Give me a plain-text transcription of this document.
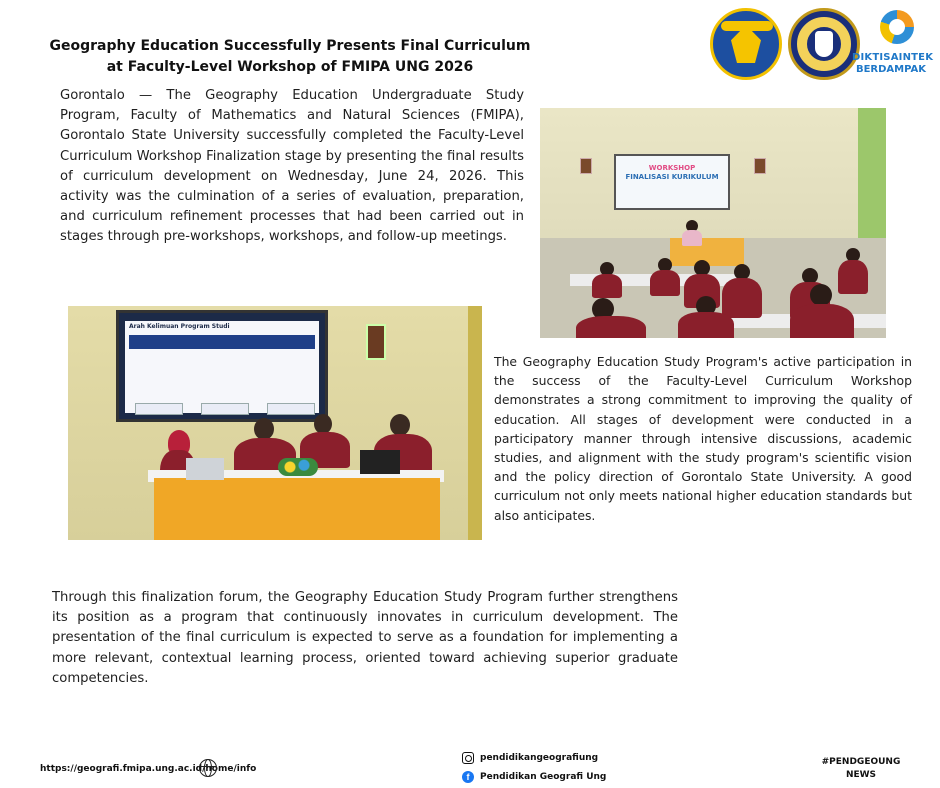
Geography Education Successfully Presents Final Curriculum
at Faculty-Level Workshop of FMIPA UNG 2026
DIKTISAINTEK
BERDAMPAK

Gorontalo — The Geography Education Undergraduate Study Program, Faculty of Mathematics and Natural Sciences (FMIPA), Gorontalo State University successfully completed the Faculty-Level Curriculum Workshop Finalization stage by presenting the final results of curriculum development on Wednesday, June 24, 2026. This activity was the culmination of a series of evaluation, preparation, and curriculum refinement processes that had been carried out in stages through pre-workshops, workshops, and follow-up meetings.

WORKSHOP
FINALISASI KURIKULUM
Arah Kelimuan Program Studi

The Geography Education Study Program's active participation in the success of the Faculty-Level Curriculum Workshop demonstrates a strong commitment to improving the quality of education. All stages of development were conducted in a participatory manner through intensive discussions, academic studies, and alignment with the study program's scientific vision and the policy direction of Gorontalo State University. A good curriculum not only meets national higher education standards but also anticipates.

Through this finalization forum, the Geography Education Study Program further strengthens its position as a program that continuously innovates in curriculum development. The presentation of the final curriculum is expected to serve as a foundation for implementing a more relevant, contextual learning process, oriented toward achieving superior graduate competencies.

https://geografi.fmipa.ung.ac.id/home/info
pendidikangeografiung
f	Pendidikan Geografi Ung
#PENDGEOUNG
NEWS
